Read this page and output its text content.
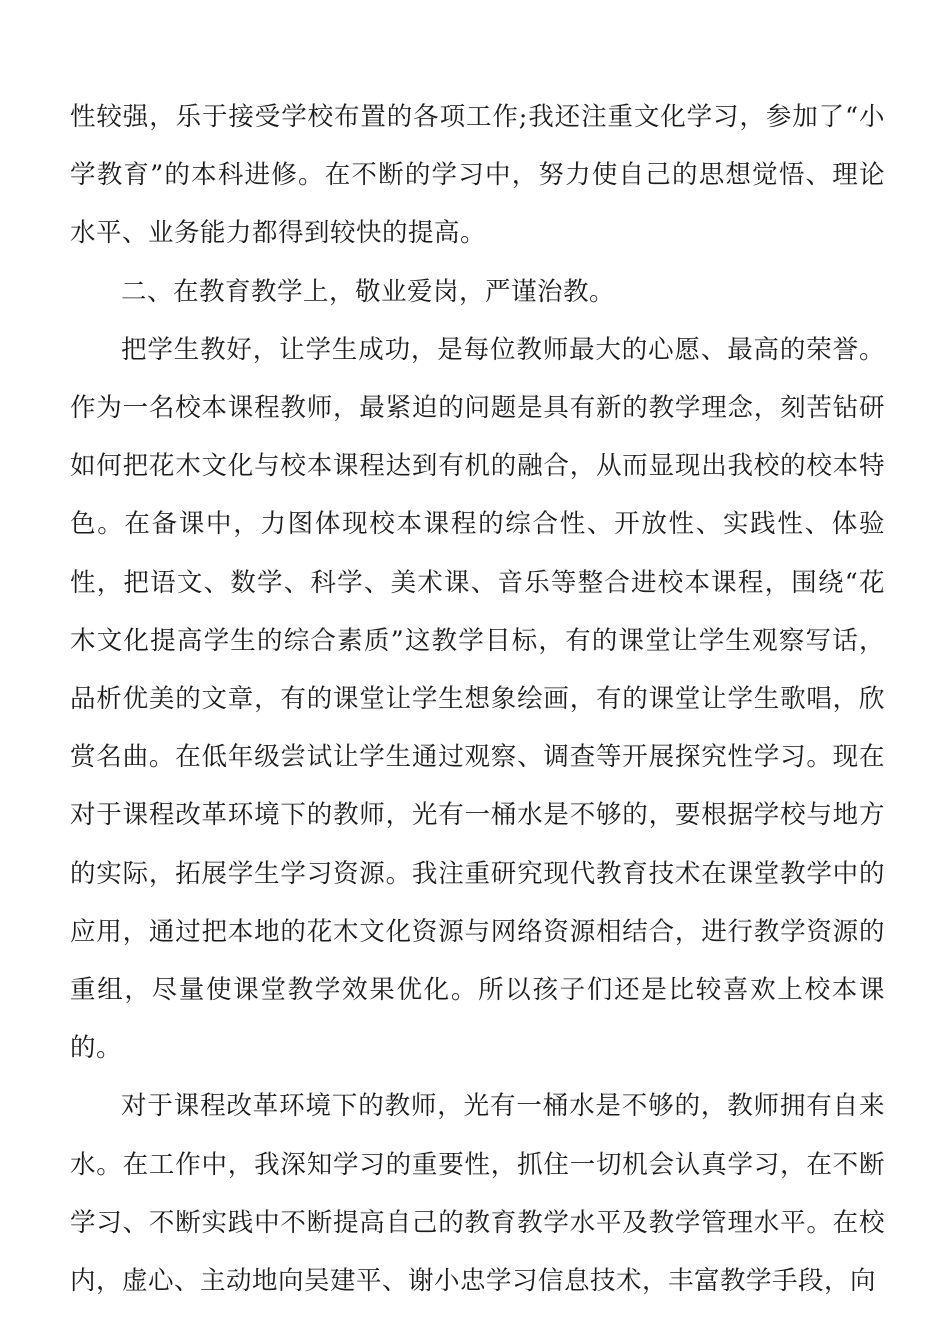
性较强，乐于接受学校布置的各项工作;我还注重文化学习，参加了“小学教育”的本科进修。在不断的学习中，努力使自己的思想觉悟、理论水平、业务能力都得到较快的提高。

二、在教育教学上，敬业爱岗，严谨治教。

把学生教好，让学生成功，是每位教师最大的心愿、最高的荣誉。作为一名校本课程教师，最紧迫的问题是具有新的教学理念，刻苦钻研如何把花木文化与校本课程达到有机的融合，从而显现出我校的校本特色。在备课中，力图体现校本课程的综合性、开放性、实践性、体验性，把语文、数学、科学、美术课、音乐等整合进校本课程，围绕“花木文化提高学生的综合素质”这教学目标，有的课堂让学生观察写话，品析优美的文章，有的课堂让学生想象绘画，有的课堂让学生歌唱，欣赏名曲。在低年级尝试让学生通过观察、调查等开展探究性学习。现在对于课程改革环境下的教师，光有一桶水是不够的，要根据学校与地方的实际，拓展学生学习资源。我注重研究现代教育技术在课堂教学中的应用，通过把本地的花木文化资源与网络资源相结合，进行教学资源的重组，尽量使课堂教学效果优化。所以孩子们还是比较喜欢上校本课的。

对于课程改革环境下的教师，光有一桶水是不够的，教师拥有自来水。在工作中，我深知学习的重要性，抓住一切机会认真学习，在不断学习、不断实践中不断提高自己的教育教学水平及教学管理水平。在校内，虚心、主动地向吴建平、谢小忠学习信息技术，丰富教学手段，向
